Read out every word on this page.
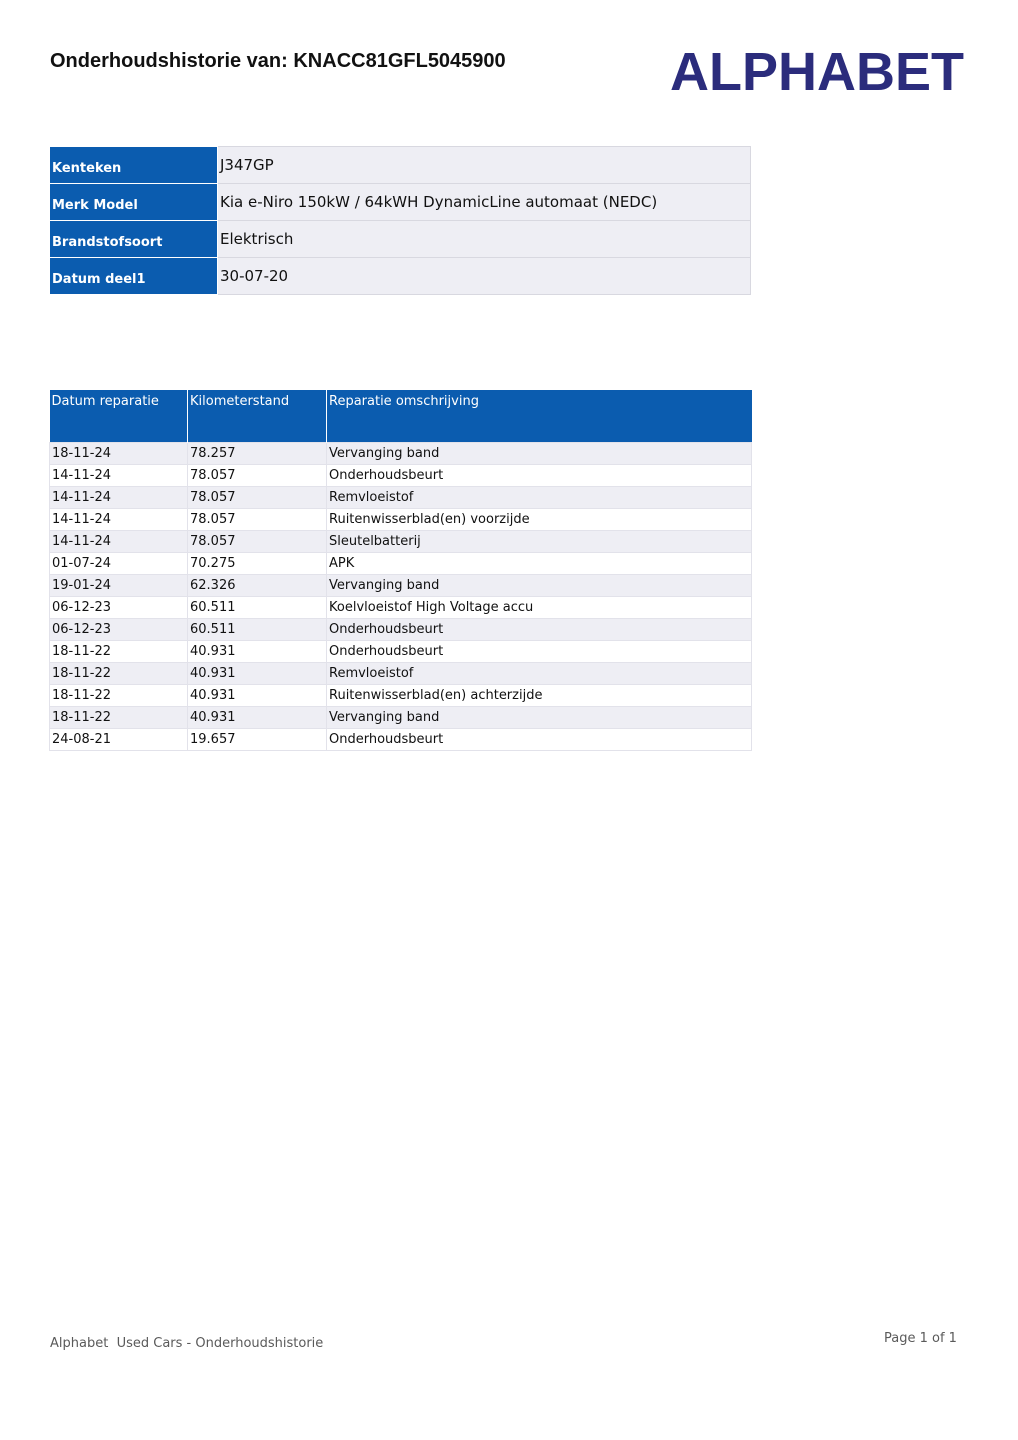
Onderhoudshistorie van: KNACC81GFL5045900	ALPHABET
Kenteken	J347GP
Merk Model	Kia e-Niro 150kW / 64kWH DynamicLine automaat (NEDC)
Brandstofsoort	Elektrisch
Datum deel1	30-07-20
Datum reparatie	Kilometerstand	Reparatie omschrijving
18-11-24	78.257	Vervanging band
14-11-24	78.057	Onderhoudsbeurt
14-11-24	78.057	Remvloeistof
14-11-24	78.057	Ruitenwisserblad(en) voorzijde
14-11-24	78.057	Sleutelbatterij
01-07-24	70.275	APK
19-01-24	62.326	Vervanging band
06-12-23	60.511	Koelvloeistof High Voltage accu
06-12-23	60.511	Onderhoudsbeurt
18-11-22	40.931	Onderhoudsbeurt
18-11-22	40.931	Remvloeistof
18-11-22	40.931	Ruitenwisserblad(en) achterzijde
18-11-22	40.931	Vervanging band
24-08-21	19.657	Onderhoudsbeurt
Alphabet  Used Cars - Onderhoudshistorie	Page 1 of 1
